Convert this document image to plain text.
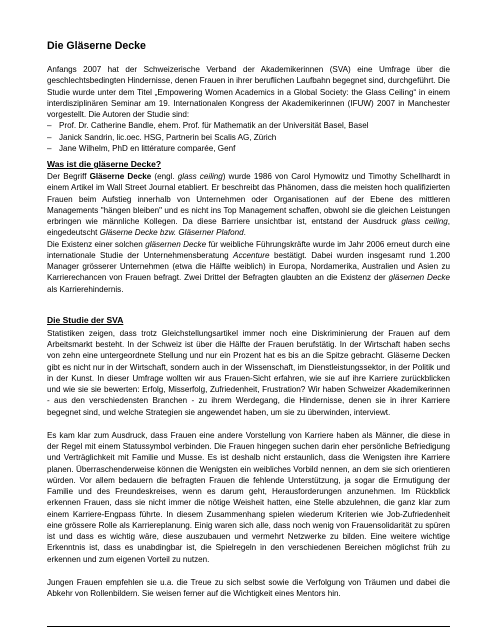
Die Gläserne Decke

Anfangs 2007 hat der Schweizerische Verband der Akademikerinnen (SVA) eine Umfrage über die geschlechtsbedingten Hindernisse, denen Frauen in ihrer beruflichen Laufbahn begegnet sind, durchgeführt. Die Studie wurde unter dem Titel „Empowering Women Academics in a Global Society: the Glass Ceiling“ in einem interdisziplinären Seminar am 19. Internationalen Kongress der Akademikerinnen (IFUW) 2007 in Manchester vorgestellt. Die Autoren der Studie sind:

– Prof. Dr. Catherine Bandle, ehem. Prof. für Mathematik an der Universität Basel, Basel
– Janick Sandrin, lic.oec. HSG, Partnerin bei Scalis AG, Zürich
– Jane Wilhelm, PhD en littérature comparée, Genf
Was ist die gläserne Decke?

Der Begriff Gläserne Decke (engl. glass ceiling) wurde 1986 von Carol Hymowitz und Timothy Schellhardt in einem Artikel im Wall Street Journal etabliert. Er beschreibt das Phänomen, dass die meisten hoch qualifizierten Frauen beim Aufstieg innerhalb von Unternehmen oder Organisationen auf der Ebene des mittleren Managements "hängen bleiben" und es nicht ins Top Management schaffen, obwohl sie die gleichen Leistungen erbringen wie männliche Kollegen. Da diese Barriere unsichtbar ist, entstand der Ausdruck glass ceiling, eingedeutscht Gläserne Decke bzw. Gläserner Plafond.

Die Existenz einer solchen gläsernen Decke für weibliche Führungskräfte wurde im Jahr 2006 erneut durch eine internationale Studie der Unternehmensberatung Accenture bestätigt. Dabei wurden insgesamt rund 1.200 Manager grösserer Unternehmen (etwa die Hälfte weiblich) in Europa, Nordamerika, Australien und Asien zu Karrierechancen von Frauen befragt. Zwei Drittel der Befragten glaubten an die Existenz der gläsernen Decke als Karrierehindernis.

Die Studie der SVA

Statistiken zeigen, dass trotz Gleichstellungsartikel immer noch eine Diskriminierung der Frauen auf dem Arbeitsmarkt besteht. In der Schweiz ist über die Hälfte der Frauen berufstätig. In der Wirtschaft haben sechs von zehn eine untergeordnete Stellung und nur ein Prozent hat es bis an die Spitze gebracht. Gläserne Decken gibt es nicht nur in der Wirtschaft, sondern auch in der Wissenschaft, im Dienstleistungssektor, in der Politik und in der Kunst. In dieser Umfrage wollten wir aus Frauen-Sicht erfahren, wie sie auf ihre Karriere zurückblicken und wie sie sie bewerten: Erfolg, Misserfolg, Zufriedenheit, Frustration? Wir haben Schweizer Akademikerinnen - aus den verschiedensten Branchen - zu ihrem Werdegang, die Hindernisse, denen sie in ihrer Karriere begegnet sind, und welche Strategien sie angewendet haben, um sie zu überwinden, interviewt.

Es kam klar zum Ausdruck, dass Frauen eine andere Vorstellung von Karriere haben als Männer, die diese in der Regel mit einem Statussymbol verbinden. Die Frauen hingegen suchen darin eher persönliche Befriedigung und Verträglichkeit mit Familie und Musse. Es ist deshalb nicht erstaunlich, dass die Wenigsten ihre Karriere planen. Überraschenderweise können die Wenigsten ein weibliches Vorbild nennen, an dem sie sich orientieren würden. Vor allem bedauern die befragten Frauen die fehlende Unterstützung, ja sogar die Ermutigung der Familie und des Freundeskreises, wenn es darum geht, Herausforderungen anzunehmen. Im Rückblick erkennen Frauen, dass sie nicht immer die nötige Weisheit hatten, eine Stelle abzulehnen, die ganz klar zum einem Karriere-Engpass führte. In diesem Zusammenhang spielen wiederum Kriterien wie Job-Zufriedenheit eine grössere Rolle als Karriereplanung. Einig waren sich alle, dass noch wenig von Frauensolidarität zu spüren ist und dass es wichtig wäre, diese auszubauen und vermehrt Netzwerke zu bilden. Eine weitere wichtige Erkenntnis ist, dass es unabdingbar ist, die Spielregeln in den verschiedenen Bereichen möglichst früh zu erkennen und zum eigenen Vorteil zu nutzen.

Jungen Frauen empfehlen sie u.a. die Treue zu sich selbst sowie die Verfolgung von Träumen und dabei die Abkehr von Rollenbildern. Sie weisen ferner auf die Wichtigkeit eines Mentors hin.
